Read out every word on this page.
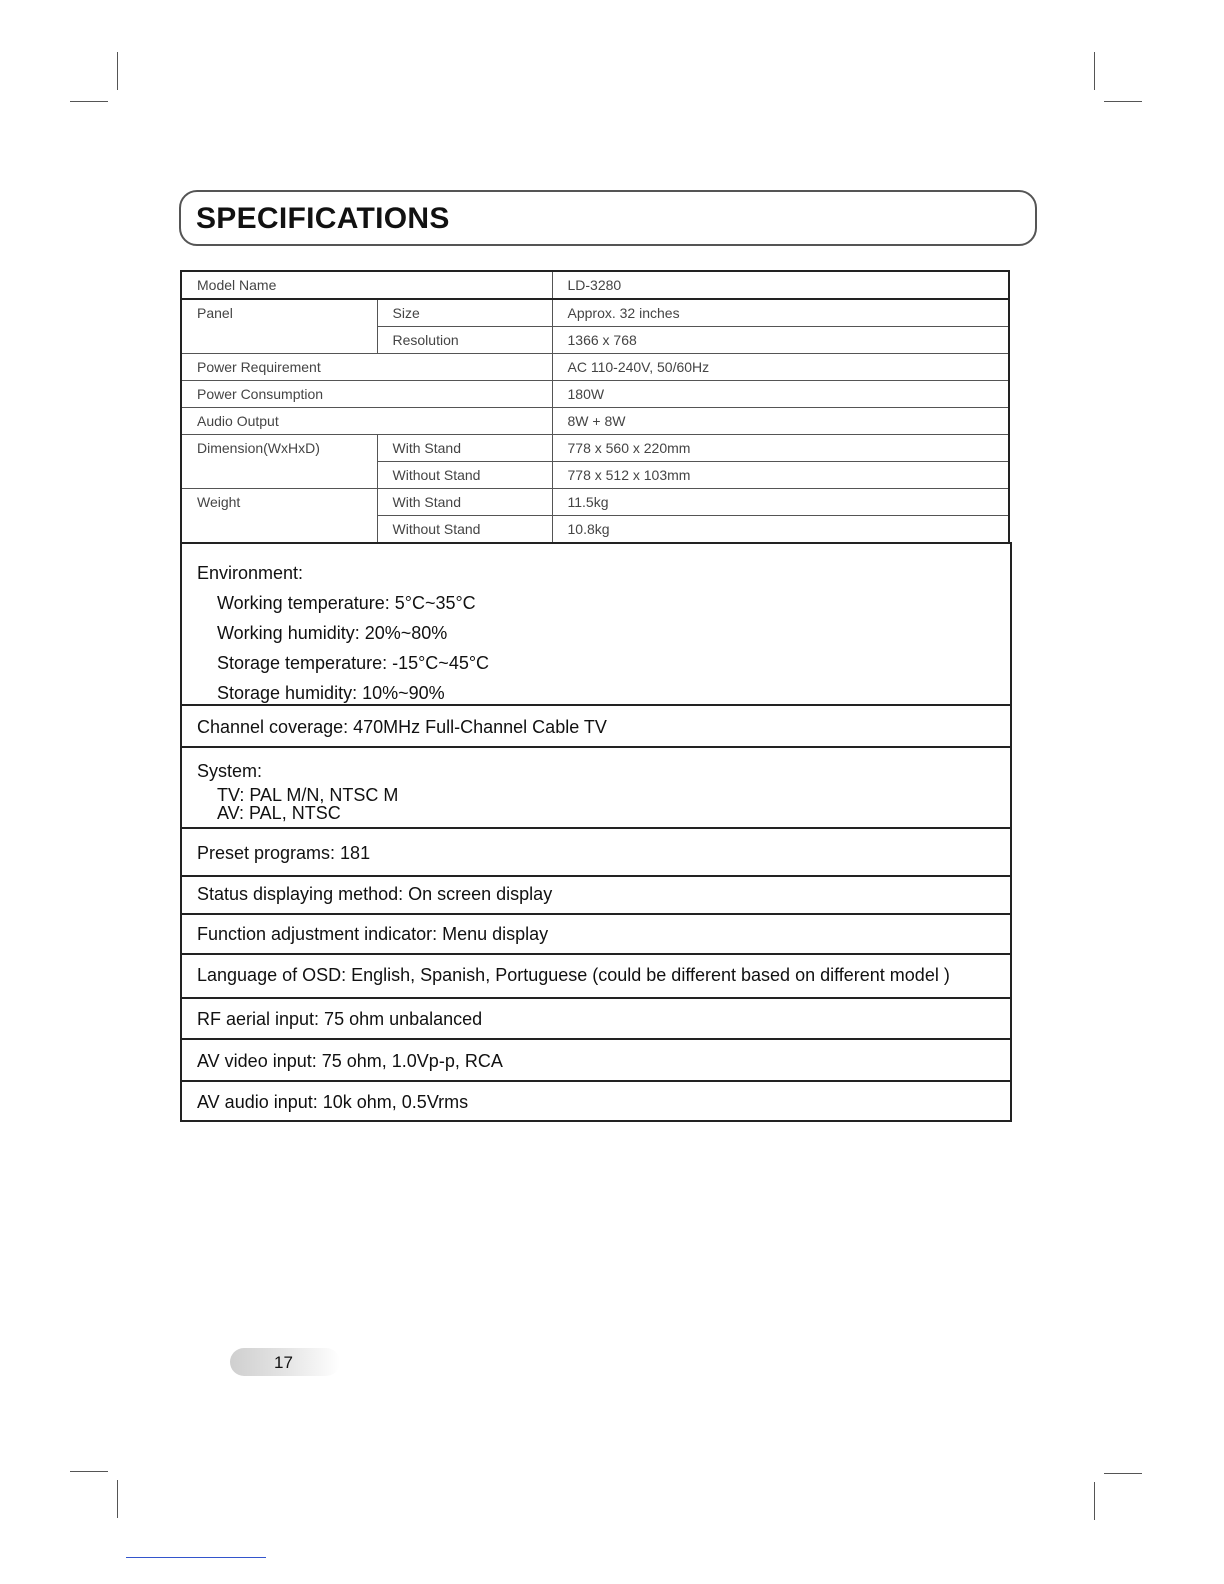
SPECIFICATIONS
Model Name		LD-3280
Panel	Size	Approx. 32 inches
	Resolution	1366 x 768
Power Requirement		AC 110-240V, 50/60Hz
Power Consumption		180W
Audio Output		8W + 8W
Dimension(WxHxD)	With Stand	778 x 560 x 220mm
	Without Stand	778 x 512 x 103mm
Weight	With Stand	11.5kg
	Without Stand	10.8kg
Environment:
Working temperature: 5°C~35°C
Working humidity: 20%~80%
Storage temperature: -15°C~45°C
Storage humidity: 10%~90%
Channel coverage: 470MHz Full-Channel Cable TV
System:
TV: PAL M/N, NTSC M
AV: PAL, NTSC
Preset programs: 181
Status displaying method: On screen display
Function adjustment indicator: Menu display
Language of OSD: English, Spanish, Portuguese (could be different based on different model )
RF aerial input: 75 ohm unbalanced
AV video input: 75 ohm, 1.0Vp-p, RCA
AV audio input: 10k ohm, 0.5Vrms
17
